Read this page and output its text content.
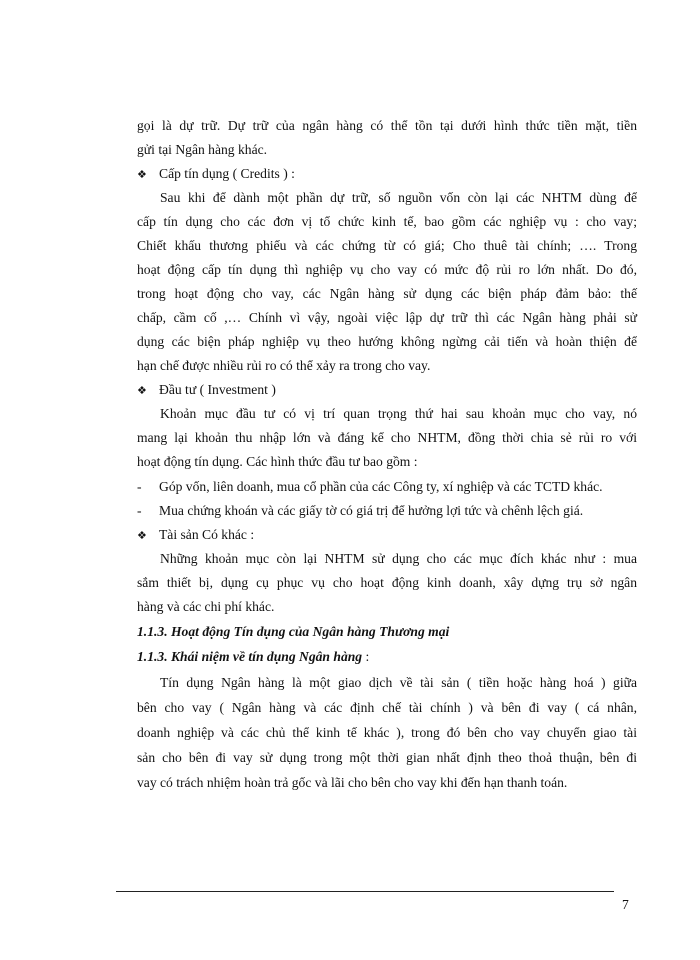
gọi là dự trữ. Dự trữ của ngân hàng có thể tồn tại dưới hình thức tiền mặt, tiền
gửi tại Ngân hàng khác.
❖ Cấp tín dụng ( Credits ) :
Sau khi để dành một phần dự trữ, số nguồn vốn còn lại các NHTM dùng để
cấp tín dụng cho các đơn vị tổ chức kinh tế, bao gồm các nghiệp vụ : cho vay;
Chiết khấu thương phiếu và các chứng từ có giá; Cho thuê tài chính; …. Trong
hoạt động cấp tín dụng thì nghiệp vụ cho vay có mức độ rủi ro lớn nhất. Do đó,
trong hoạt động cho vay, các Ngân hàng sử dụng các biện pháp đảm bảo: thế
chấp, cầm cố ,… Chính vì vậy, ngoài việc lập dự trữ thì các Ngân hàng phải sử
dụng các biện pháp nghiệp vụ theo hướng không ngừng cải tiến và hoàn thiện để
hạn chế được nhiều rủi ro có thể xảy ra trong cho vay.
❖ Đầu tư ( Investment )
Khoản mục đầu tư có vị trí quan trọng thứ hai sau khoản mục cho vay, nó
mang lại khoản thu nhập lớn và đáng kể cho NHTM, đồng thời chia sẻ rủi ro với
hoạt động tín dụng. Các hình thức đầu tư bao gồm :
- Góp vốn, liên doanh, mua cổ phần của các Công ty, xí nghiệp và các TCTD khác.
- Mua chứng khoán và các giấy tờ có giá trị để hưởng lợi tức và chênh lệch giá.
❖ Tài sản Có khác :
Những khoản mục còn lại NHTM sử dụng cho các mục đích khác như : mua
sắm thiết bị, dụng cụ phục vụ cho hoạt động kinh doanh, xây dựng trụ sở ngân
hàng và các chi phí khác.
1.1.3. Hoạt động Tín dụng của Ngân hàng Thương mại
1.1.3. Khái niệm về tín dụng Ngân hàng :
Tín dụng Ngân hàng là một giao dịch về tài sản ( tiền hoặc hàng hoá ) giữa
bên cho vay ( Ngân hàng và các định chế tài chính ) và bên đi vay ( cá nhân,
doanh nghiệp và các chủ thể kinh tế khác ), trong đó bên cho vay chuyển giao tài
sản cho bên đi vay sử dụng trong một thời gian nhất định theo thoả thuận, bên đi
vay có trách nhiệm hoàn trả gốc và lãi cho bên cho vay khi đến hạn thanh toán.
7
